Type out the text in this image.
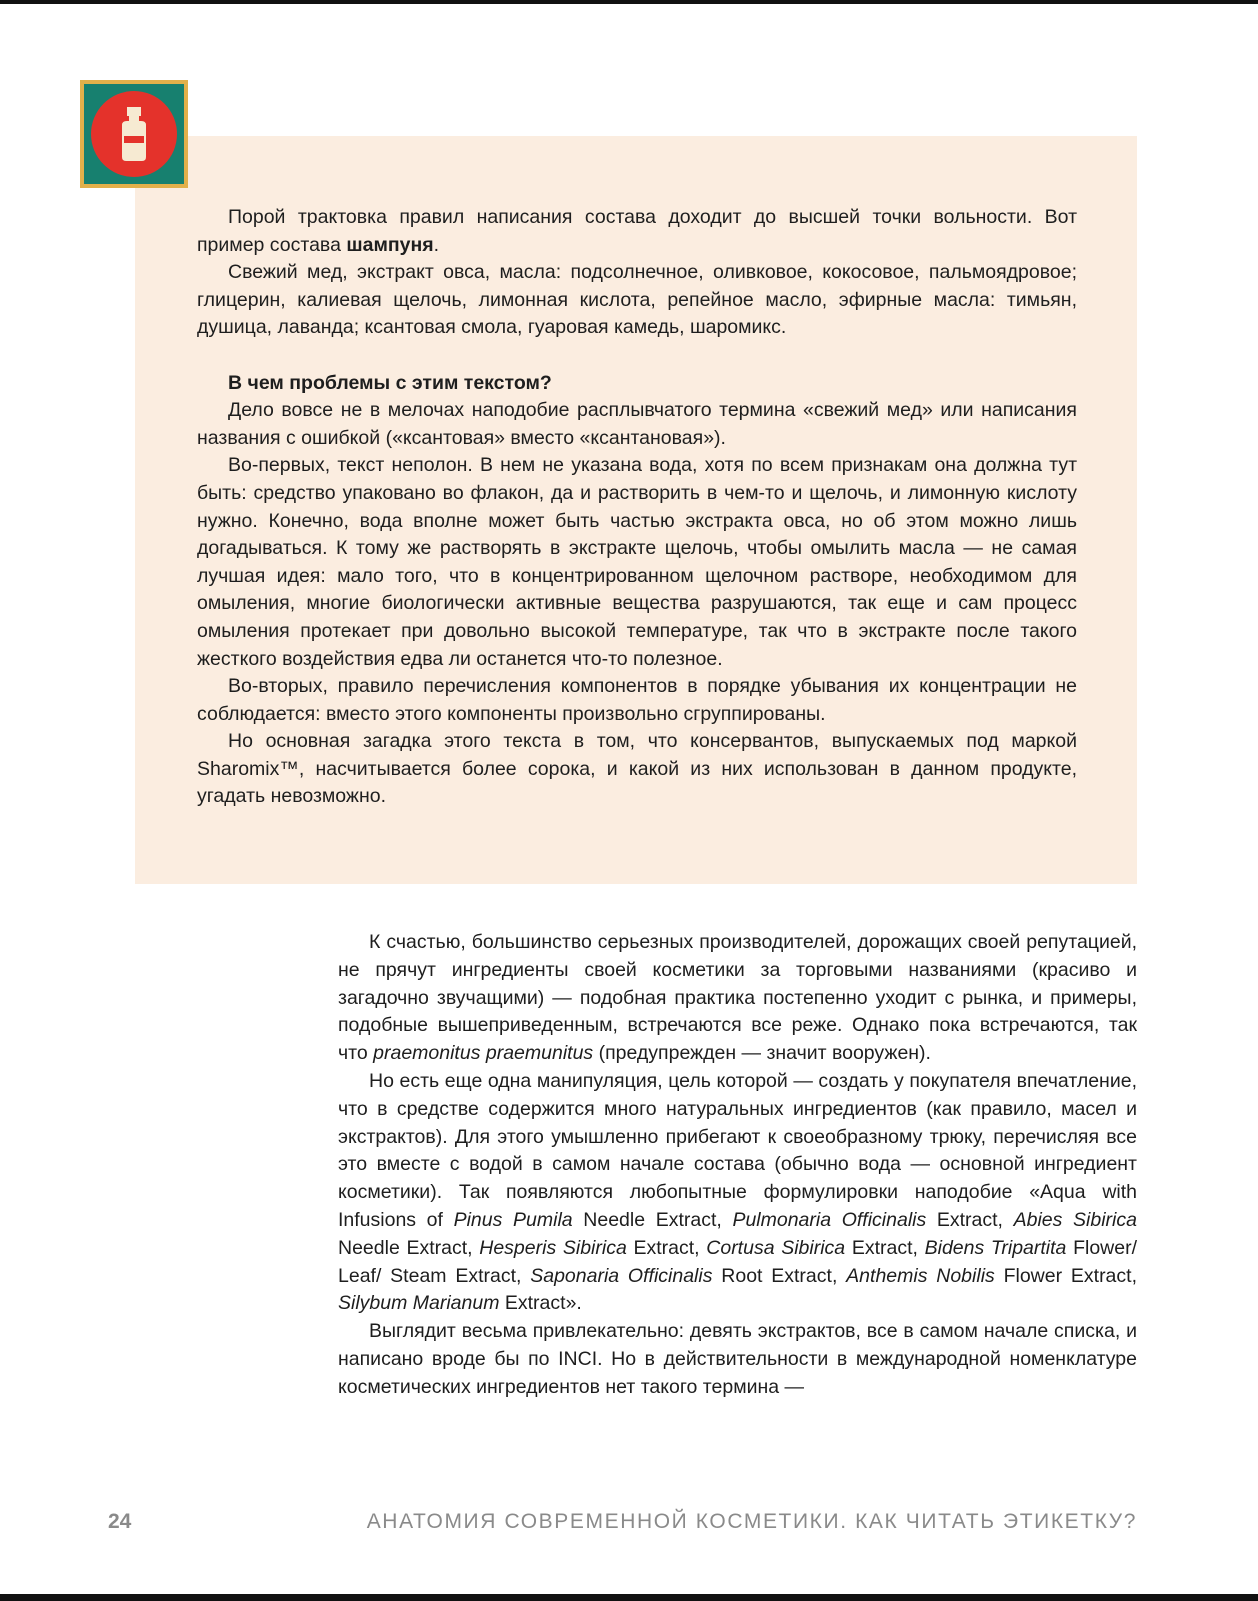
Порой трактовка правил написания состава доходит до высшей точки вольности. Вот пример состава шампуня.

Свежий мед, экстракт овса, масла: подсолнечное, оливковое, кокосовое, пальмоядровое; глицерин, калиевая щелочь, лимонная кислота, репейное масло, эфирные масла: тимьян, душица, лаванда; ксантовая смола, гуаровая камедь, шаромикс.

В чем проблемы с этим текстом?

Дело вовсе не в мелочах наподобие расплывчатого термина «свежий мед» или написания названия с ошибкой («ксантовая» вместо «ксантановая»).

Во-первых, текст неполон. В нем не указана вода, хотя по всем признакам она должна тут быть: средство упаковано во флакон, да и растворить в чем-то и щелочь, и лимонную кислоту нужно. Конечно, вода вполне может быть частью экстракта овса, но об этом можно лишь догадываться. К тому же растворять в экстракте щелочь, чтобы омылить масла — не самая лучшая идея: мало того, что в концентрированном щелочном растворе, необходимом для омыления, многие биологически активные вещества разрушаются, так еще и сам процесс омыления протекает при довольно высокой температуре, так что в экстракте после такого жесткого воздействия едва ли останется что-то полезное.

Во-вторых, правило перечисления компонентов в порядке убывания их концентрации не соблюдается: вместо этого компоненты произвольно сгруппированы.

Но основная загадка этого текста в том, что консервантов, выпускаемых под маркой Sharomix™, насчитывается более сорока, и какой из них использован в данном продукте, угадать невозможно.

К счастью, большинство серьезных производителей, дорожащих своей репутацией, не прячут ингредиенты своей косметики за торговыми названиями (красиво и загадочно звучащими) — подобная практика постепенно уходит с рынка, и примеры, подобные вышеприведенным, встречаются все реже. Однако пока встречаются, так что praemonitus praemunitus (предупрежден — значит вооружен).

Но есть еще одна манипуляция, цель которой — создать у покупателя впечатление, что в средстве содержится много натуральных ингредиентов (как правило, масел и экстрактов). Для этого умышленно прибегают к своеобразному трюку, перечисляя все это вместе с водой в самом начале состава (обычно вода — основной ингредиент косметики). Так появляются любопытные формулировки наподобие «Aqua with Infusions of Pinus Pumila Needle Extract, Pulmonaria Officinalis Extract, Abies Sibirica Needle Extract, Hesperis Sibirica Extract, Cortusa Sibirica Extract, Bidens Tripartita Flower/ Leaf/ Steam Extract, Saponaria Officinalis Root Extract, Anthemis Nobilis Flower Extract, Silybum Marianum Extract».

Выглядит весьма привлекательно: девять экстрактов, все в самом начале списка, и написано вроде бы по INCI. Но в действительности в международной номенклатуре косметических ингредиентов нет такого термина —

24	АНАТОМИЯ СОВРЕМЕННОЙ КОСМЕТИКИ. КАК ЧИТАТЬ ЭТИКЕТКУ?
